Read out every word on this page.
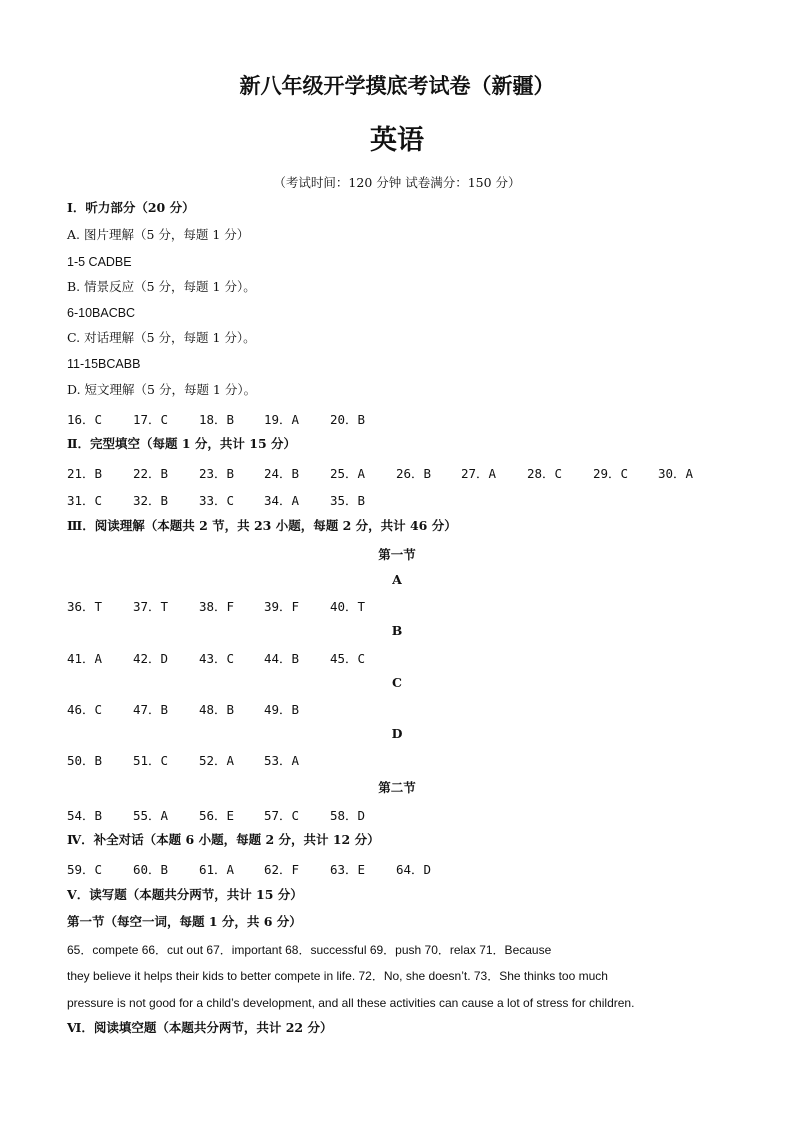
新八年级开学摸底考试卷（新疆）
英语
（考试时间：120 分钟 试卷满分：150 分）
Ⅰ．听力部分（20 分）
A. 图片理解（5 分，每题 1 分）
1-5 CADBE
B. 情景反应（5 分，每题 1 分）。
6-10BACBC
C. 对话理解（5 分，每题 1 分）。
11-15BCABB
D. 短文理解（5 分，每题 1 分）。
16．C 17．C 18．B 19．A 20．B
Ⅱ．完型填空（每题 1 分，共计 15 分）
21．B 22．B 23．B 24．B 25．A 26．B 27．A 28．C 29．C 30．A
31．C 32．B 33．C 34．A 35．B
Ⅲ．阅读理解（本题共 2 节，共 23 小题，每题 2 分，共计 46 分）
第一节
A
36．T 37．T 38．F 39．F 40．T
B
41．A 42．D 43．C 44．B 45．C
C
46．C 47．B 48．B 49．B
D
50．B 51．C 52．A 53．A
第二节
54．B 55．A 56．E 57．C 58．D
Ⅳ．补全对话（本题 6 小题，每题 2 分，共计 12 分）
59．C 60．B 61．A 62．F 63．E 64．D
Ⅴ．读写题（本题共分两节，共计 15 分）
第一节（每空一词，每题 1 分，共 6 分）
65．compete 66．cut out 67．important 68．successful 69．push 70．relax 71．Because
they believe it helps their kids to better compete in life. 72．No, she doesn’t. 73．She thinks too much
pressure is not good for a child’s development, and all these activities can cause a lot of stress for children.
Ⅵ．阅读填空题（本题共分两节，共计 22 分）
